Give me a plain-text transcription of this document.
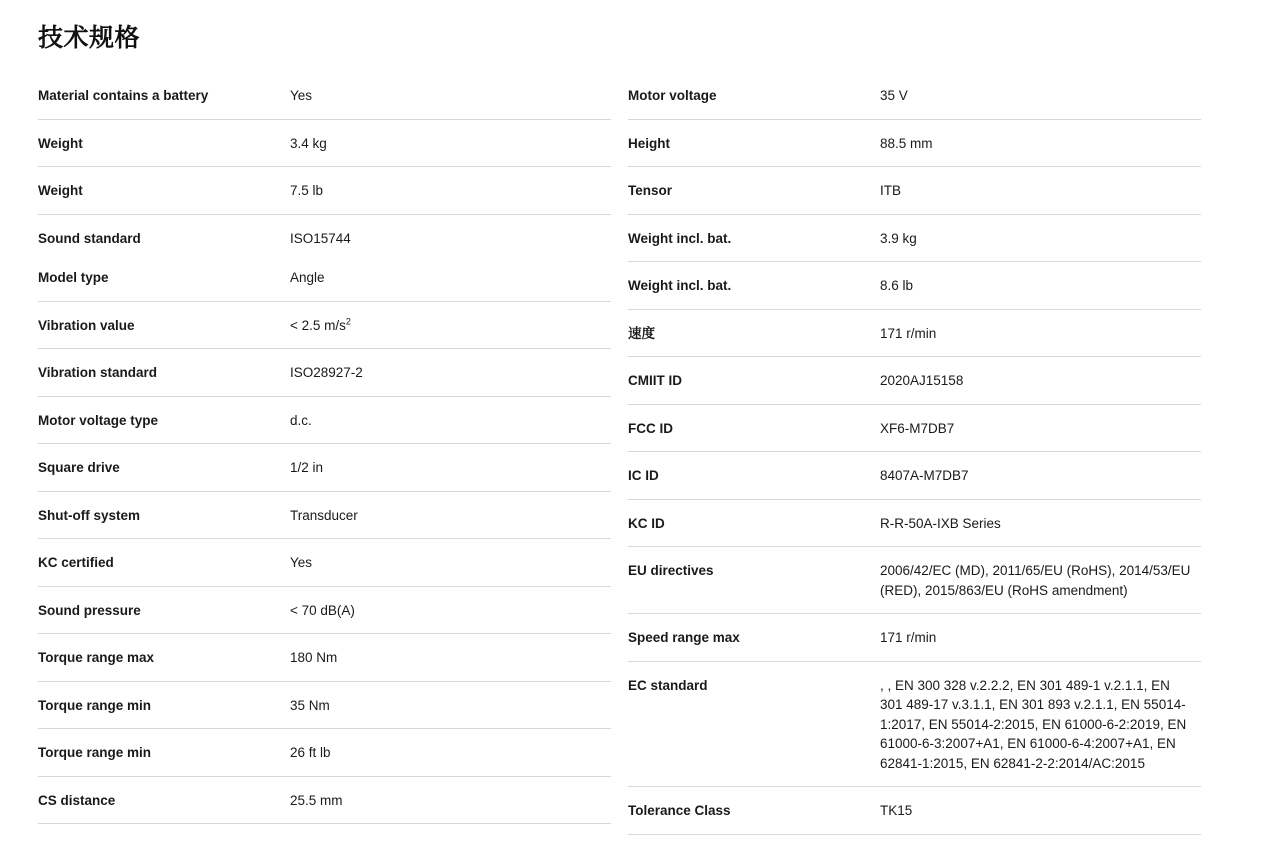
技术规格
Material contains a battery	Yes
Weight	3.4 kg
Weight	7.5 lb
Sound standard	ISO15744
Model type	Angle
Vibration value	< 2.5 $m/s^2$
Vibration standard	ISO28927-2
Motor voltage type	d.c.
Square drive	1/2 in
Shut-off system	Transducer
KC certified	Yes
Sound pressure	< 70 dB(A)
Torque range max	180 Nm
Torque range min	35 Nm
Torque range min	26 ft lb
CS distance	25.5 mm
Motor voltage	35 V
Height	88.5 mm
Tensor	ITB
Weight incl. bat.	3.9 kg
Weight incl. bat.	8.6 lb
速度	171 r/min
CMIIT ID	2020AJ15158
FCC ID	XF6-M7DB7
IC ID	8407A-M7DB7
KC ID	R-R-50A-IXB Series
EU directives	2006/42/EC (MD), 2011/65/EU (RoHS), 2014/53/EU (RED), 2015/863/EU (RoHS amendment)
Speed range max	171 r/min
EC standard	, , EN 300 328 v.2.2.2, EN 301 489-1 v.2.1.1, EN 301 489-17 v.3.1.1, EN 301 893 v.2.1.1, EN 55014-1:2017, EN 55014-2:2015, EN 61000-6-2:2019, EN 61000-6-3:2007+A1, EN 61000-6-4:2007+A1, EN 62841-1:2015, EN 62841-2-2:2014/AC:2015
Tolerance Class	TK15
